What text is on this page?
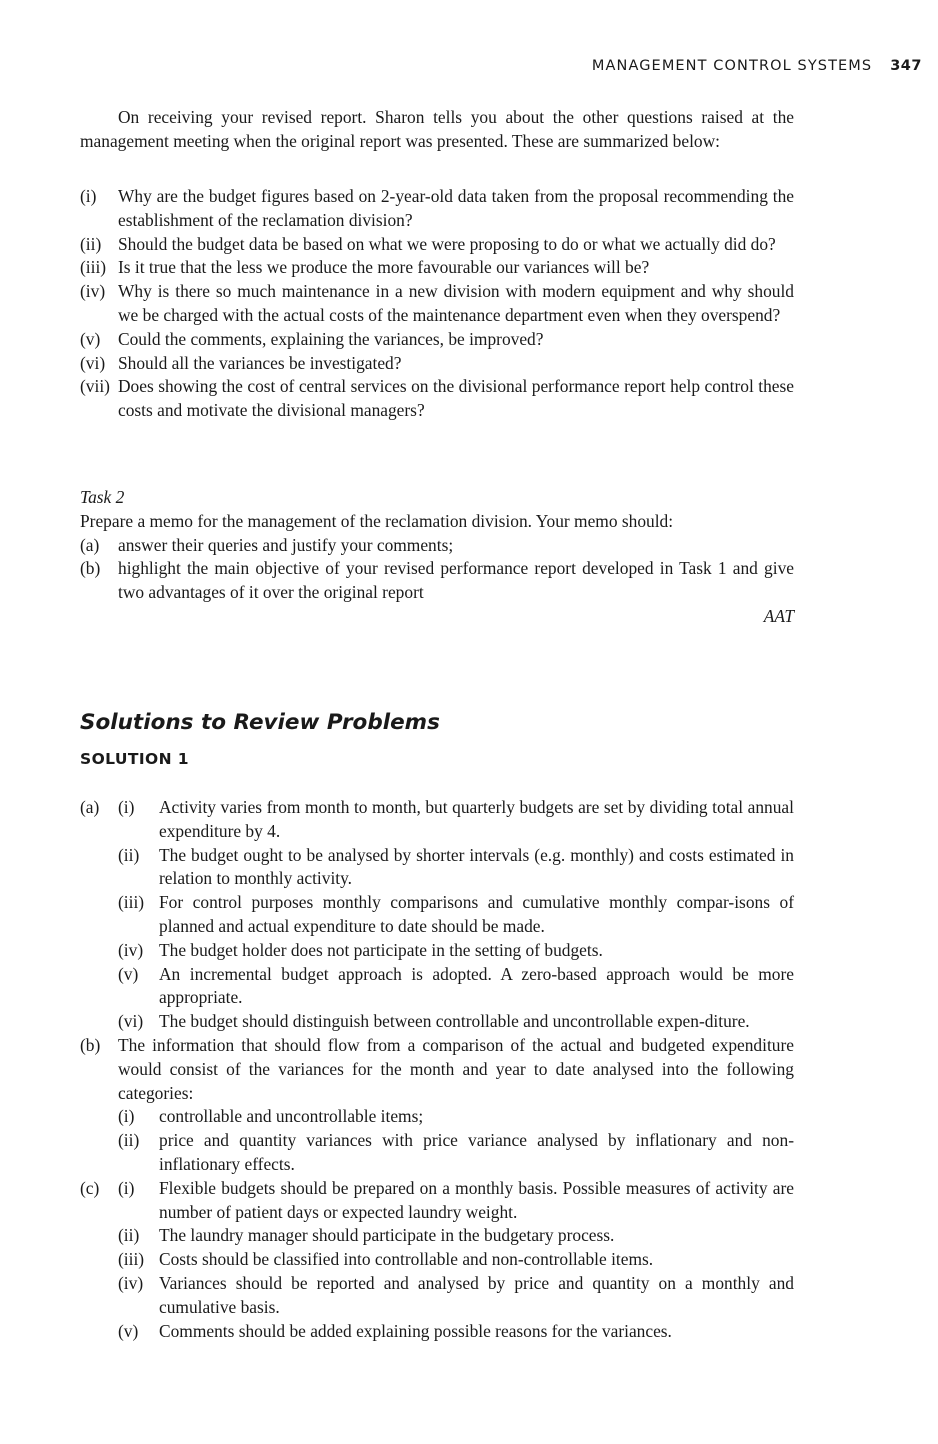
MANAGEMENT CONTROL SYSTEMS 347

On receiving your revised report. Sharon tells you about the other questions raised at the management meeting when the original report was presented. These are summarized below:

(i)	Why are the budget figures based on 2-year-old data taken from the proposal recommending the establishment of the reclamation division?
(ii) Should the budget data be based on what we were proposing to do or what we actually did do?
(iii) Is it true that the less we produce the more favourable our variances will be?
(iv) Why is there so much maintenance in a new division with modern equipment and why should we be charged with the actual costs of the maintenance department even when they overspend?
(v)	Could the comments, explaining the variances, be improved?
(vi) Should all the variances be investigated?
(vii) Does showing the cost of central services on the divisional performance report help control these costs and motivate the divisional managers?
Task 2
Prepare a memo for the management of the reclamation division. Your memo should:
(a)	answer their queries and justify your comments;
(b)	highlight the main objective of your revised performance report developed in Task 1 and give two advantages of it over the original report
AAT
Solutions to Review Problems
SOLUTION 1
(a)	(i)	Activity varies from month to month, but quarterly budgets are set by dividing total annual expenditure by 4.
(ii)	The budget ought to be analysed by shorter intervals (e.g. monthly) and costs estimated in relation to monthly activity.
(iii) For control purposes monthly comparisons and cumulative monthly compar-isons of planned and actual expenditure to date should be made.
(iv) The budget holder does not participate in the setting of budgets.
(v)	An incremental budget approach is adopted. A zero-based approach would be more appropriate.
(vi) The budget should distinguish between controllable and uncontrollable expen-diture.
(b)	The information that should flow from a comparison of the actual and budgeted expenditure would consist of the variances for the month and year to date analysed into the following categories:
(i)	controllable and uncontrollable items;
(ii)	price and quantity variances with price variance analysed by inflationary and non-inflationary effects.
(c)	(i)	Flexible budgets should be prepared on a monthly basis. Possible measures of activity are number of patient days or expected laundry weight.
(ii)	The laundry manager should participate in the budgetary process.
(iii) Costs should be classified into controllable and non-controllable items.
(iv) Variances should be reported and analysed by price and quantity on a monthly and cumulative basis.
(v)	Comments should be added explaining possible reasons for the variances.
